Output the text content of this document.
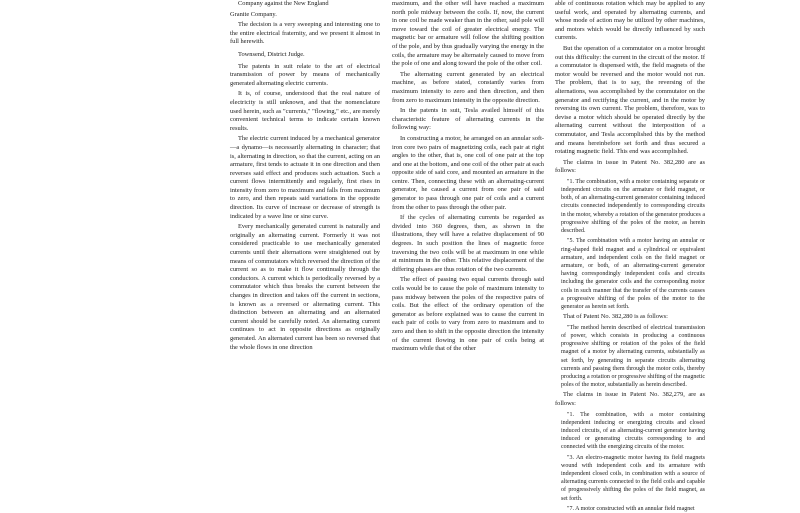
Company against the New England

Granite Company.

The decision is a very sweeping and interesting one to the entire electrical fraternity, and we present it almost in full herewith.

Townsend, District Judge.

The patents in suit relate to the art of electrical transmission of power by means of mechanically generated alternating electric currents.

It is, of course, understood that the real nature of electricity is still unknown, and that the nomenclature used herein, such as "currents," "flowing," etc., are merely convenient technical terms to indicate certain known results.

The electric current induced by a mechanical generator—a dynamo—is necessarily alternating in character; that is, alternating in direction, so that the current, acting on an armature, first tends to actuate it in one direction and then reverses said effect and produces such actuation. Such a current flows intermittently and regularly, first rises in intensity from zero to maximum and falls from maximum to zero, and then repeats said variations in the opposite direction. Its curve of increase or decrease of strength is indicated by a wave line or sine curve.

Every mechanically generated current is naturally and originally an alternating current. Formerly it was not considered practicable to use mechanically generated currents until their alternations were straightened out by means of commutators which reversed the direction of the current so as to make it flow continually through the conductors. A current which is periodically reversed by a commutator which thus breaks the current between the changes in direction and takes off the current in sections, is known as a reversed or alternating current. This distinction between an alternating and an alternated current should be carefully noted. An alternating current continues to act in opposite directions as originally generated. An alternated current has been so reversed that the whole flows in one direction

maximum, and the other will have reached a maximum north pole midway between the coils. If, now, the current in one coil be made weaker than in the other, said pole will move toward the coil of greater electrical energy. The magnetic bar or armature will follow the shifting position of the pole, and by thus gradually varying the energy in the coils, the armature may be alternately caused to move from the pole of one and along toward the pole of the other coil.

The alternating current generated by an electrical machine, as before stated, constantly varies from maximum intensity to zero and then direction, and then from zero to maximum intensity in the opposite direction.

In the patents in suit, Tesla availed himself of this characteristic feature of alternating currents in the following way:

In constructing a motor, he arranged on an annular soft-iron core two pairs of magnetizing coils, each pair at right angles to the other, that is, one coil of one pair at the top and one at the bottom, and one coil of the other pair at each opposite side of said core, and mounted an armature in the centre. Then, connecting these with an alternating-current generator, he caused a current from one pair of said generator to pass through one pair of coils and a current from the other to pass through the other pair.

If the cycles of alternating currents be regarded as divided into 360 degrees, then, as shown in the illustrations, they will have a relative displacement of 90 degrees. In such position the lines of magnetic force traversing the two coils will be at maximum in one while at minimum in the other. This relative displacement of the differing phases are thus rotation of the two currents.

The effect of passing two equal currents through said coils would be to cause the pole of maximum intensity to pass midway between the poles of the respective pairs of coils. But the effect of the ordinary operation of the generator as before explained was to cause the current in each pair of coils to vary from zero to maximum and to zero and then to shift in the opposite direction the intensity of the current flowing in one pair of coils being at maximum while that of the other

able of continuous rotation which may be applied to any useful work, and operated by alternating currents, and whose mode of action may be utilized by other machines, and motors which would be directly influenced by such currents.

But the operation of a commutator on a motor brought out this difficulty: the current in the circuit of the motor. If a commutator is dispensed with, the field magnets of the motor would be reversed and the motor would not run. The problem, that is to say, the reversing of the alternations, was accomplished by the commutator on the generator and rectifying the current, and in the motor by reversing its own current. The problem, therefore, was to devise a motor which should be operated directly by the alternating current without the interposition of a commutator, and Tesla accomplished this by the method and means hereinbefore set forth and thus secured a rotating magnetic field. This end was accomplished.

The claims in issue in Patent No. 382,280 are as follows:

"1. The combination, with a motor containing separate or independent circuits on the armature or field magnet, or both, of an alternating-current generator containing induced circuits connected independently to corresponding circuits in the motor, whereby a rotation of the generator produces a progressive shifting of the poles of the motor, as herein described.

"5. The combination with a motor having an annular or ring-shaped field magnet and a cylindrical or equivalent armature, and independent coils on the field magnet or armature, or both, of an alternating-current generator having correspondingly independent coils and circuits including the generator coils and the corresponding motor coils in such manner that the transfer of the currents causes a progressive shifting of the poles of the motor to the generator as herein set forth.

That of Patent No. 382,280 is as follows:

"The method herein described of electrical transmission of power, which consists in producing a continuous progressive shifting or rotation of the poles of the field magnet of a motor by alternating currents, substantially as set forth, by generating in separate circuits alternating currents and passing them through the motor coils, thereby producing a rotation or progressive shifting of the magnetic poles of the motor, substantially as herein described.

The claims in issue in Patent No. 382,279, are as follows:

"1. The combination, with a motor containing independent inducing or energizing circuits and closed induced circuits, of an alternating-current generator having induced or generating circuits corresponding to and connected with the energizing circuits of the motor.

"3. An electro-magnetic motor having its field magnets wound with independent coils and its armature with independent closed coils, in combination with a source of alternating currents connected to the field coils and capable of progressively shifting the poles of the field magnet, as set forth.

"7. A motor constructed with an annular field magnet
